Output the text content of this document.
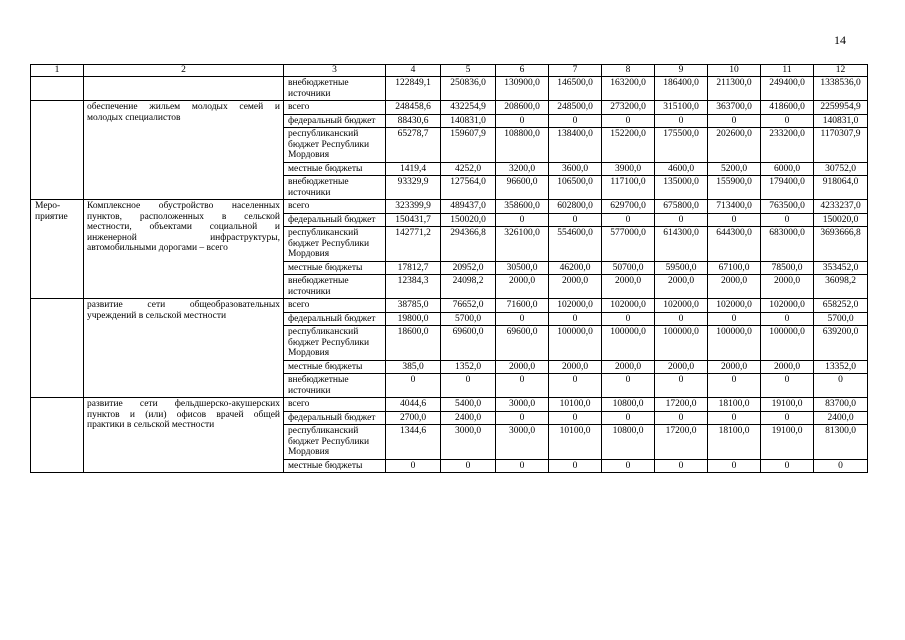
14
1	2	3	4	5	6	7	8	9	10	11	12
		внебюджетные источники	122849,1	250836,0	130900,0	146500,0	163200,0	186400,0	211300,0	249400,0	1338536,0
	обеспечение жильем молодых семей и молодых специалистов	всего	248458,6	432254,9	208600,0	248500,0	273200,0	315100,0	363700,0	418600,0	2259954,9
		федеральный бюджет	88430,6	140831,0	0	0	0	0	0	0	140831,0
		республиканский бюджет Республики Мордовия	65278,7	159607,9	108800,0	138400,0	152200,0	175500,0	202600,0	233200,0	1170307,9
		местные бюджеты	1419,4	4252,0	3200,0	3600,0	3900,0	4600,0	5200,0	6000,0	30752,0
		внебюджетные источники	93329,9	127564,0	96600,0	106500,0	117100,0	135000,0	155900,0	179400,0	918064,0
Меро-приятие	Комплексное обустройство населенных пунктов, расположенных в сельской местности, объектами социальной и инженерной инфраструктуры, автомобильными дорогами – всего	всего	323399,9	489437,0	358600,0	602800,0	629700,0	675800,0	713400,0	763500,0	4233237,0
		федеральный бюджет	150431,7	150020,0	0	0	0	0	0	0	150020,0
		республиканский бюджет Республики Мордовия	142771,2	294366,8	326100,0	554600,0	577000,0	614300,0	644300,0	683000,0	3693666,8
		местные бюджеты	17812,7	20952,0	30500,0	46200,0	50700,0	59500,0	67100,0	78500,0	353452,0
		внебюджетные источники	12384,3	24098,2	2000,0	2000,0	2000,0	2000,0	2000,0	2000,0	36098,2
	развитие сети общеобразовательных учреждений в сельской местности	всего	38785,0	76652,0	71600,0	102000,0	102000,0	102000,0	102000,0	102000,0	658252,0
		федеральный бюджет	19800,0	5700,0	0	0	0	0	0	0	5700,0
		республиканский бюджет Республики Мордовия	18600,0	69600,0	69600,0	100000,0	100000,0	100000,0	100000,0	100000,0	639200,0
		местные бюджеты	385,0	1352,0	2000,0	2000,0	2000,0	2000,0	2000,0	2000,0	13352,0
		внебюджетные источники	0	0	0	0	0	0	0	0	0
	развитие сети фельдшерско-акушерских пунктов и (или) офисов врачей общей практики в сельской местности	всего	4044,6	5400,0	3000,0	10100,0	10800,0	17200,0	18100,0	19100,0	83700,0
		федеральный бюджет	2700,0	2400,0	0	0	0	0	0	0	2400,0
		республиканский бюджет Республики Мордовия	1344,6	3000,0	3000,0	10100,0	10800,0	17200,0	18100,0	19100,0	81300,0
		местные бюджеты	0	0	0	0	0	0	0	0	0
